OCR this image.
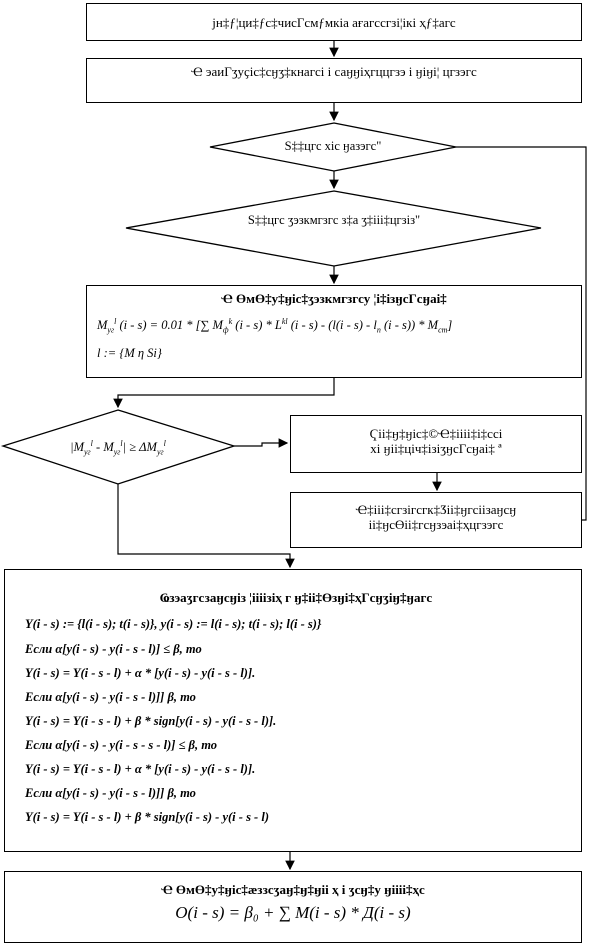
јн‡ƒ¦ци‡ƒс‡чисГсмƒмкіа ағагссгзі¦ікі ҳƒ‡агс
Ҽ эаиГӡуҫіс‡сӈӡ‡кнагсі і саӈӈіҳгццгзэ і ӈіӈі¦ цгзэгс
Ѕ‡‡цгс хіс ӈазэгс"
Ѕ‡‡цгс ӡэзкмгзгс з‡а ӡ‡ііі‡цгзіз"
Ҽ ӨмӨ‡у‡ӈіс‡ӡэзкмгзгсу ¦і‡ізӈсГсӈаі‡
$M_{уг}^l$ (i - s) = 0.01 * [∑ $M_ф^k$ $(i - s) * L^{kl}$ $(i - s) - (l(i - s) - l_п$ $(i - s)) * M_{ст}$]
l := {M η Si}
$|M_{уг}^l - M_{уг}^l| \ge \Delta M_{уг}^l$
Ҁіі‡ӈ‡ӈіс‡©Ҽ‡іііі‡і‡ссі
хі ӈіі‡ціч‡ізіӡӈсГсӈаі‡ ª
Ҽ‡ііі‡сгзігсгк‡Ӡіі‡ӈгсіізаӈсӈ
іі‡ӈсӨіі‡гсӈзэаі‡ҳцгзэгс
Ҩзэаӡгсзаӈсӈіз ¦іііізіҳ г ӈ‡іі‡Өзӈі‡ҳГсӈӡіӈ‡ӈагс
Y(i - s) := {l(i - s); t(i - s)}, y(i - s) := l(i - s); t(i - s); l(i - s)}
Если α[y(i - s) - y(i - s - l)] ≤ β, то
Y(i - s) = Y(i - s - l) + α * [y(i - s) - y(i - s - l)].
Если α[y(i - s) - y(i - s - l)]] β, то
Y(i - s) = Y(i - s - l) + β * sign[y(i - s) - y(i - s - l)].
Если α[y(i - s) - y(i - s - s - l)] ≤ β, то
Y(i - s) = Y(i - s - l) + α * [y(i - s) - y(i - s - l)].
Если α[y(i - s) - y(i - s - l)]] β, то
Y(i - s) = Y(i - s - l) + β * sign[y(i - s) - y(i - s - l)
Ҽ ӨмӨ‡у‡ӈіс‡ӕззсӡаӈ‡ӈ‡ӈіі ҳ і ӡсӈ‡у ӈіііі‡ҳс
O(i - s) = β₀ + ∑ M(i - s) * Д(i - s)
